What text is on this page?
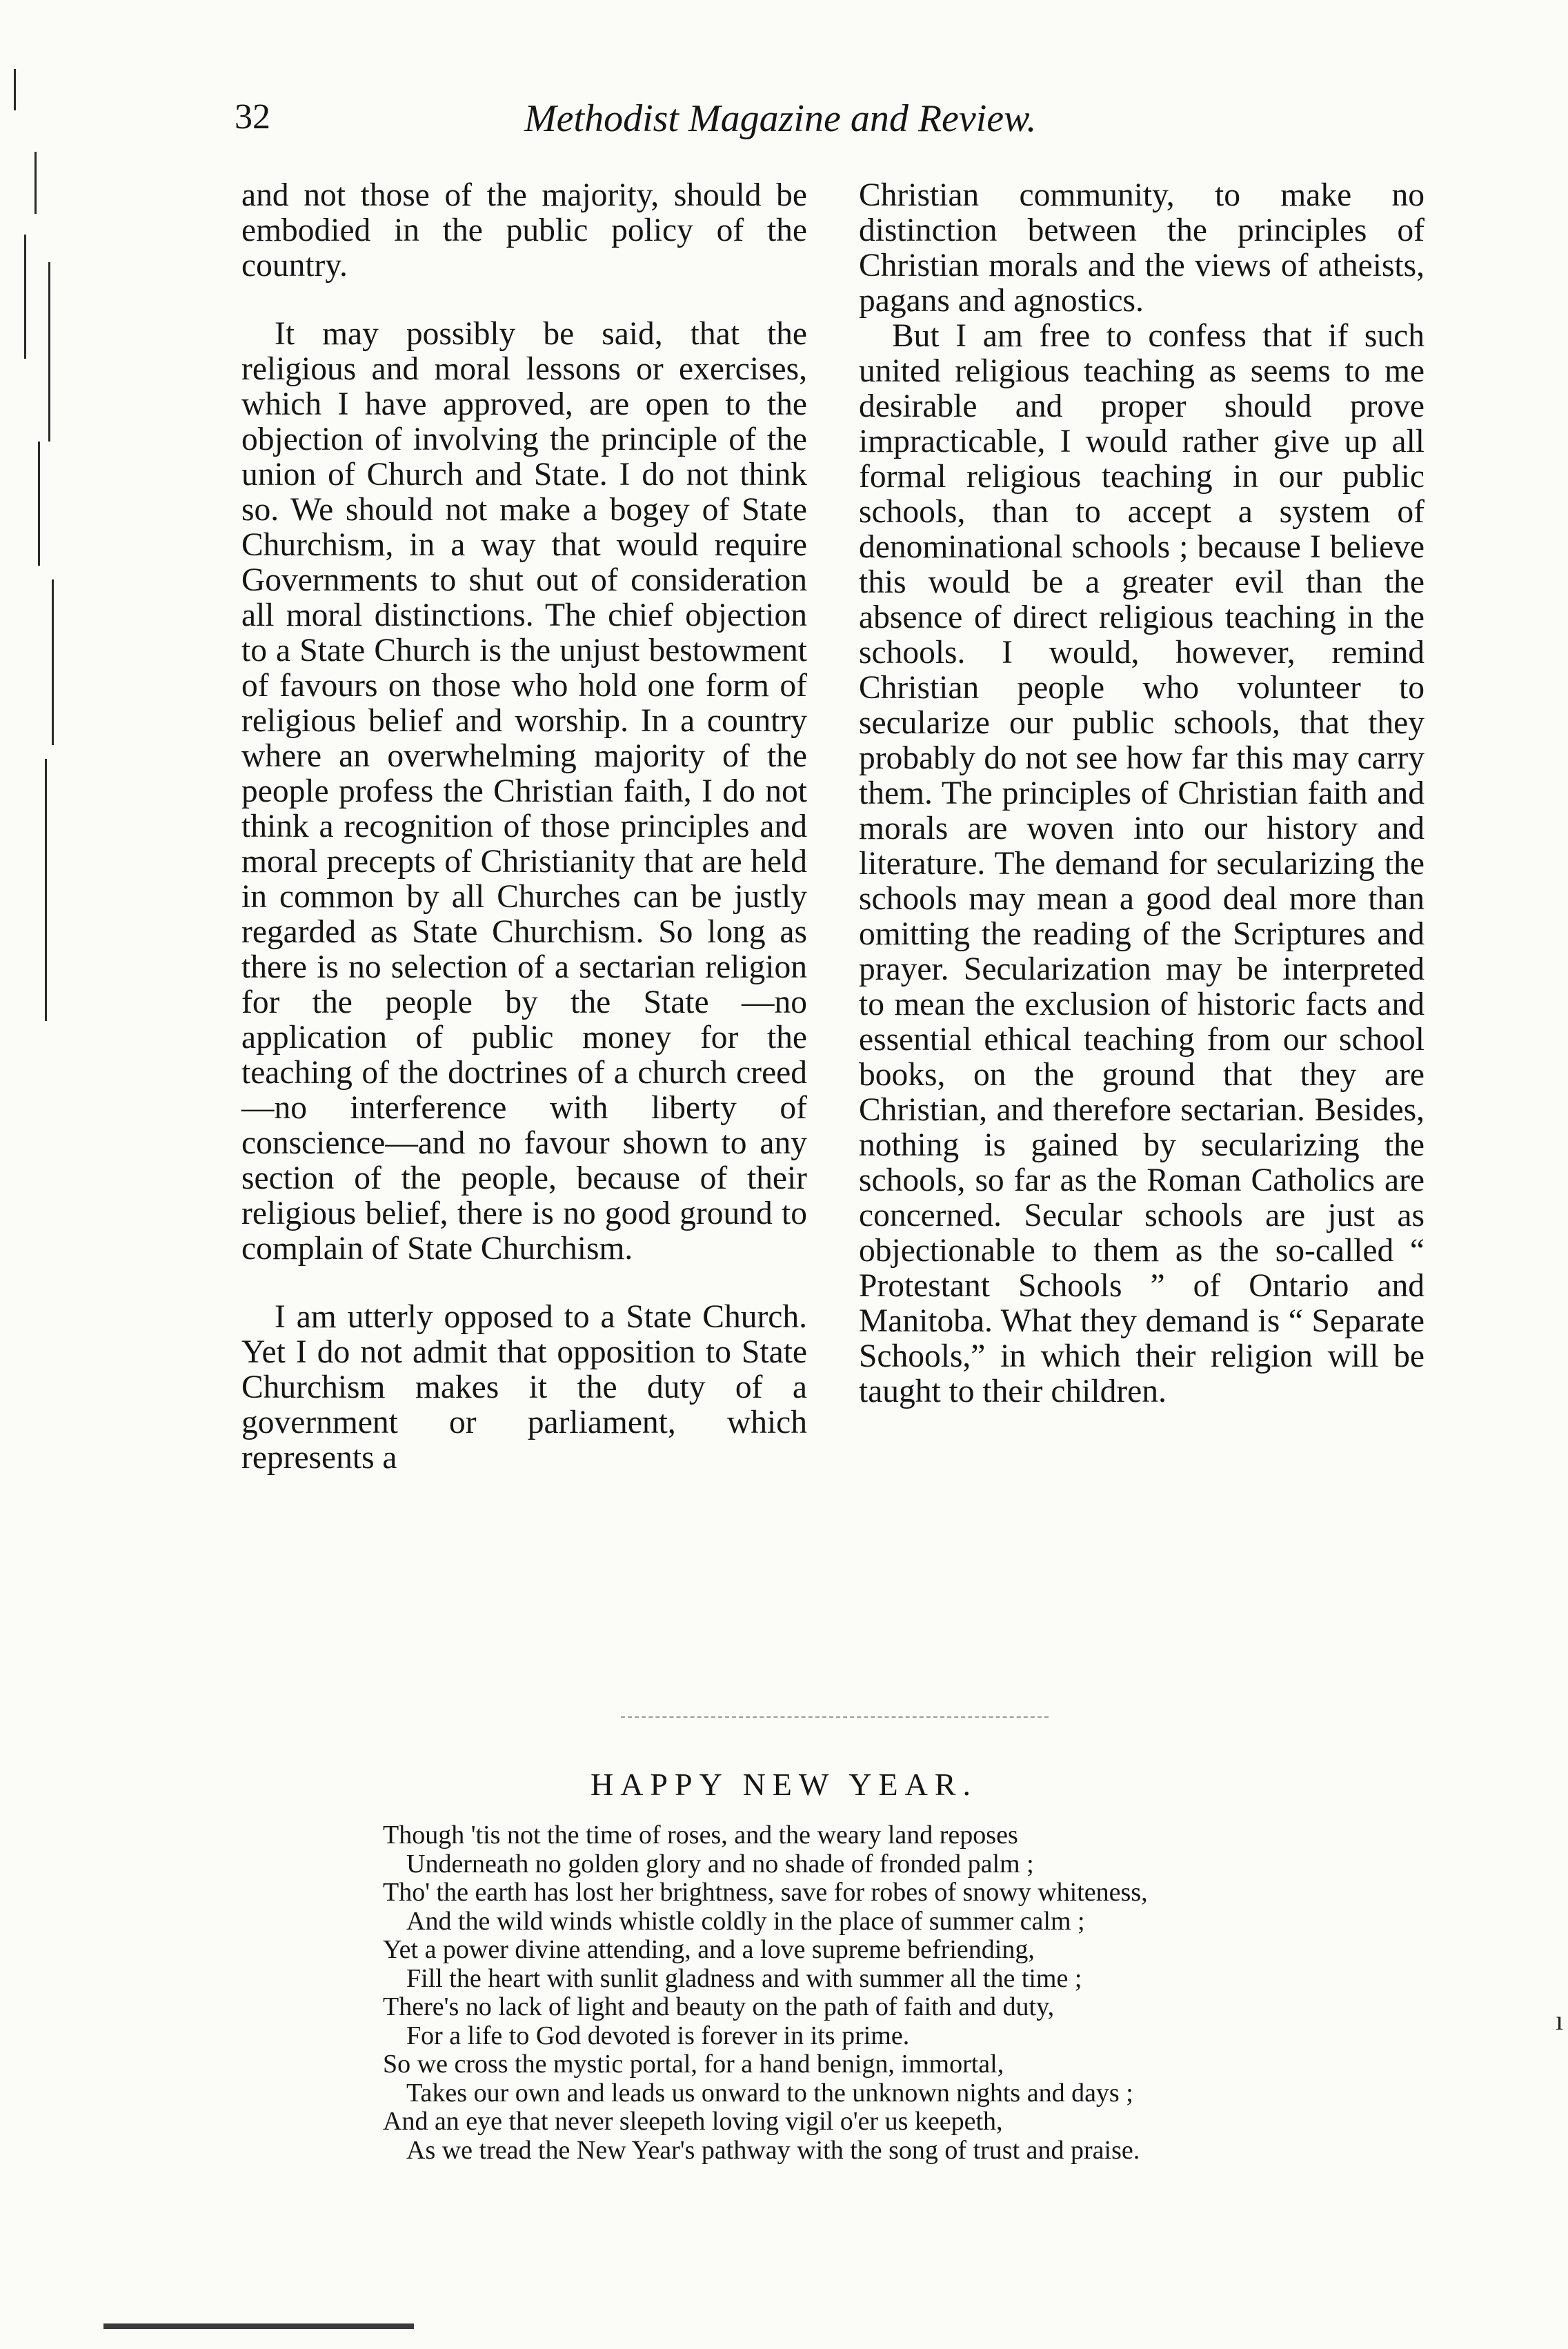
32	Methodist Magazine and Review.

and not those of the majority, should be embodied in the public policy of the country.

It may possibly be said, that the religious and moral lessons or exercises, which I have approved, are open to the objection of involving the principle of the union of Church and State. I do not think so. We should not make a bogey of State Churchism, in a way that would require Governments to shut out of consideration all moral distinctions. The chief objection to a State Church is the unjust bestowment of favours on those who hold one form of religious belief and worship. In a country where an overwhelming majority of the people profess the Christian faith, I do not think a recognition of those principles and moral precepts of Christianity that are held in common by all Churches can be justly regarded as State Churchism. So long as there is no selection of a sectarian religion for the people by the State —no application of public money for the teaching of the doctrines of a church creed—no interference with liberty of conscience—and no favour shown to any section of the people, because of their religious belief, there is no good ground to complain of State Churchism.

I am utterly opposed to a State Church. Yet I do not admit that opposition to State Churchism makes it the duty of a government or parliament, which represents a

Christian community, to make no distinction between the principles of Christian morals and the views of atheists, pagans and agnostics.

But I am free to confess that if such united religious teaching as seems to me desirable and proper should prove impracticable, I would rather give up all formal religious teaching in our public schools, than to accept a system of denominational schools ; because I believe this would be a greater evil than the absence of direct religious teaching in the schools. I would, however, remind Christian people who volunteer to secularize our public schools, that they probably do not see how far this may carry them. The principles of Christian faith and morals are woven into our history and literature. The demand for secularizing the schools may mean a good deal more than omitting the reading of the Scriptures and prayer. Secularization may be interpreted to mean the exclusion of historic facts and essential ethical teaching from our school books, on the ground that they are Christian, and therefore sectarian. Besides, nothing is gained by secularizing the schools, so far as the Roman Catholics are concerned. Secular schools are just as objectionable to them as the so-called “ Protestant Schools ” of Ontario and Manitoba. What they demand is “ Separate Schools,” in which their religion will be taught to their children.

HAPPY NEW YEAR.
Though 'tis not the time of roses, and the weary land reposes
Underneath no golden glory and no shade of fronded palm ;
Tho' the earth has lost her brightness, save for robes of snowy whiteness,
And the wild winds whistle coldly in the place of summer calm ;
Yet a power divine attending, and a love supreme befriending,
Fill the heart with sunlit gladness and with summer all the time ;
There's no lack of light and beauty on the path of faith and duty,
For a life to God devoted is forever in its prime.
So we cross the mystic portal, for a hand benign, immortal,
Takes our own and leads us onward to the unknown nights and days ;
And an eye that never sleepeth loving vigil o'er us keepeth,
As we tread the New Year's pathway with the song of trust and praise.
ı
